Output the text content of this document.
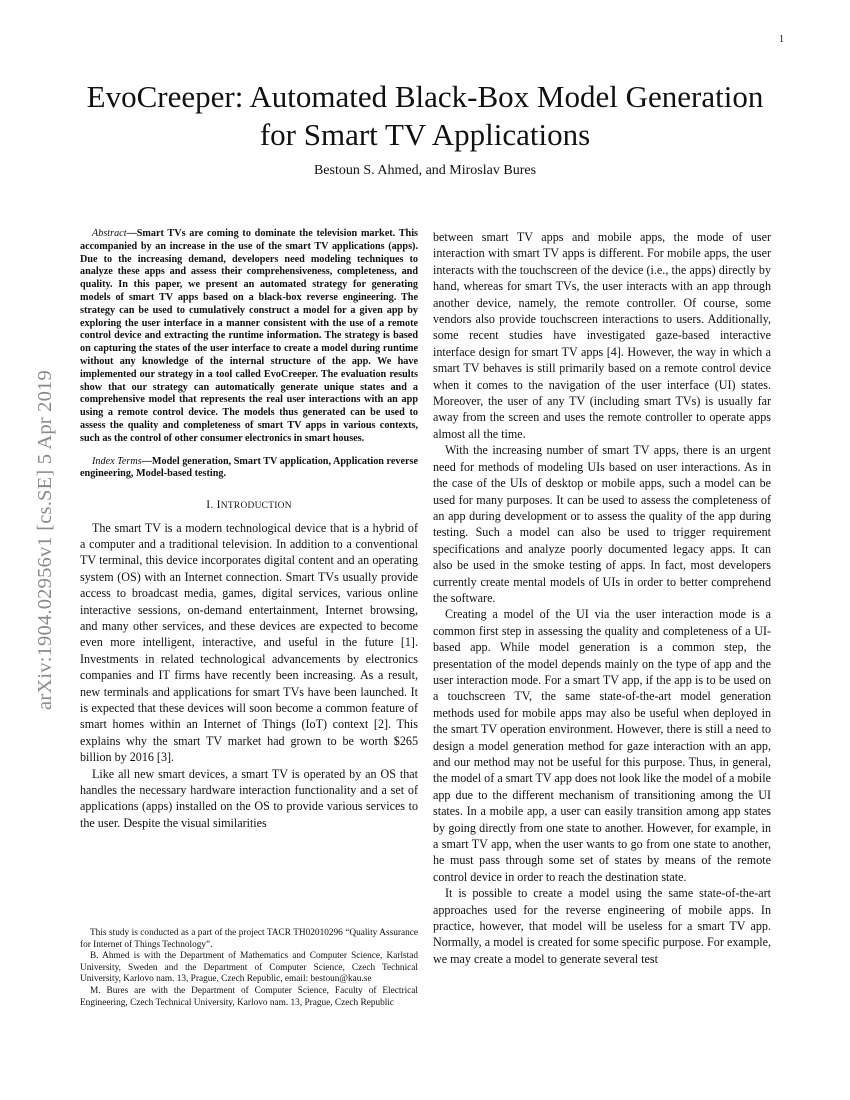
1
arXiv:1904.02956v1 [cs.SE] 5 Apr 2019
EvoCreeper: Automated Black-Box Model Generation for Smart TV Applications
Bestoun S. Ahmed, and Miroslav Bures

Abstract—Smart TVs are coming to dominate the television market. This accompanied by an increase in the use of the smart TV applications (apps). Due to the increasing demand, developers need modeling techniques to analyze these apps and assess their comprehensiveness, completeness, and quality. In this paper, we present an automated strategy for generating models of smart TV apps based on a black-box reverse engineering. The strategy can be used to cumulatively construct a model for a given app by exploring the user interface in a manner consistent with the use of a remote control device and extracting the runtime information. The strategy is based on capturing the states of the user interface to create a model during runtime without any knowledge of the internal structure of the app. We have implemented our strategy in a tool called EvoCreeper. The evaluation results show that our strategy can automatically generate unique states and a comprehensive model that represents the real user interactions with an app using a remote control device. The models thus generated can be used to assess the quality and completeness of smart TV apps in various contexts, such as the control of other consumer electronics in smart houses.

Index Terms—Model generation, Smart TV application, Application reverse engineering, Model-based testing.

I. INTRODUCTION

The smart TV is a modern technological device that is a hybrid of a computer and a traditional television. In addition to a conventional TV terminal, this device incorporates digital content and an operating system (OS) with an Internet connection. Smart TVs usually provide access to broadcast media, games, digital services, various online interactive sessions, on-demand entertainment, Internet browsing, and many other services, and these devices are expected to become even more intelligent, interactive, and useful in the future [1]. Investments in related technological advancements by electronics companies and IT firms have recently been increasing. As a result, new terminals and applications for smart TVs have been launched. It is expected that these devices will soon become a common feature of smart homes within an Internet of Things (IoT) context [2]. This explains why the smart TV market had grown to be worth $265 billion by 2016 [3].

Like all new smart devices, a smart TV is operated by an OS that handles the necessary hardware interaction functionality and a set of applications (apps) installed on the OS to provide various services to the user. Despite the visual similarities

This study is conducted as a part of the project TACR TH02010296 “Quality Assurance for Internet of Things Technology”.

B. Ahmed is with the Department of Mathematics and Computer Science, Karlstad University, Sweden and the Department of Computer Science, Czech Technical University, Karlovo nam. 13, Prague, Czech Republic, email: bestoun@kau.se

M. Bures are with the Department of Computer Science, Faculty of Electrical Engineering, Czech Technical University, Karlovo nam. 13, Prague, Czech Republic

between smart TV apps and mobile apps, the mode of user interaction with smart TV apps is different. For mobile apps, the user interacts with the touchscreen of the device (i.e., the apps) directly by hand, whereas for smart TVs, the user interacts with an app through another device, namely, the remote controller. Of course, some vendors also provide touchscreen interactions to users. Additionally, some recent studies have investigated gaze-based interactive interface design for smart TV apps [4]. However, the way in which a smart TV behaves is still primarily based on a remote control device when it comes to the navigation of the user interface (UI) states. Moreover, the user of any TV (including smart TVs) is usually far away from the screen and uses the remote controller to operate apps almost all the time.

With the increasing number of smart TV apps, there is an urgent need for methods of modeling UIs based on user interactions. As in the case of the UIs of desktop or mobile apps, such a model can be used for many purposes. It can be used to assess the completeness of an app during development or to assess the quality of the app during testing. Such a model can also be used to trigger requirement specifications and analyze poorly documented legacy apps. It can also be used in the smoke testing of apps. In fact, most developers currently create mental models of UIs in order to better comprehend the software.

Creating a model of the UI via the user interaction mode is a common first step in assessing the quality and completeness of a UI-based app. While model generation is a common step, the presentation of the model depends mainly on the type of app and the user interaction mode. For a smart TV app, if the app is to be used on a touchscreen TV, the same state-of-the-art model generation methods used for mobile apps may also be useful when deployed in the smart TV operation environment. However, there is still a need to design a model generation method for gaze interaction with an app, and our method may not be useful for this purpose. Thus, in general, the model of a smart TV app does not look like the model of a mobile app due to the different mechanism of transitioning among the UI states. In a mobile app, a user can easily transition among app states by going directly from one state to another. However, for example, in a smart TV app, when the user wants to go from one state to another, he must pass through some set of states by means of the remote control device in order to reach the destination state.

It is possible to create a model using the same state-of-the-art approaches used for the reverse engineering of mobile apps. In practice, however, that model will be useless for a smart TV app. Normally, a model is created for some specific purpose. For example, we may create a model to generate several test
